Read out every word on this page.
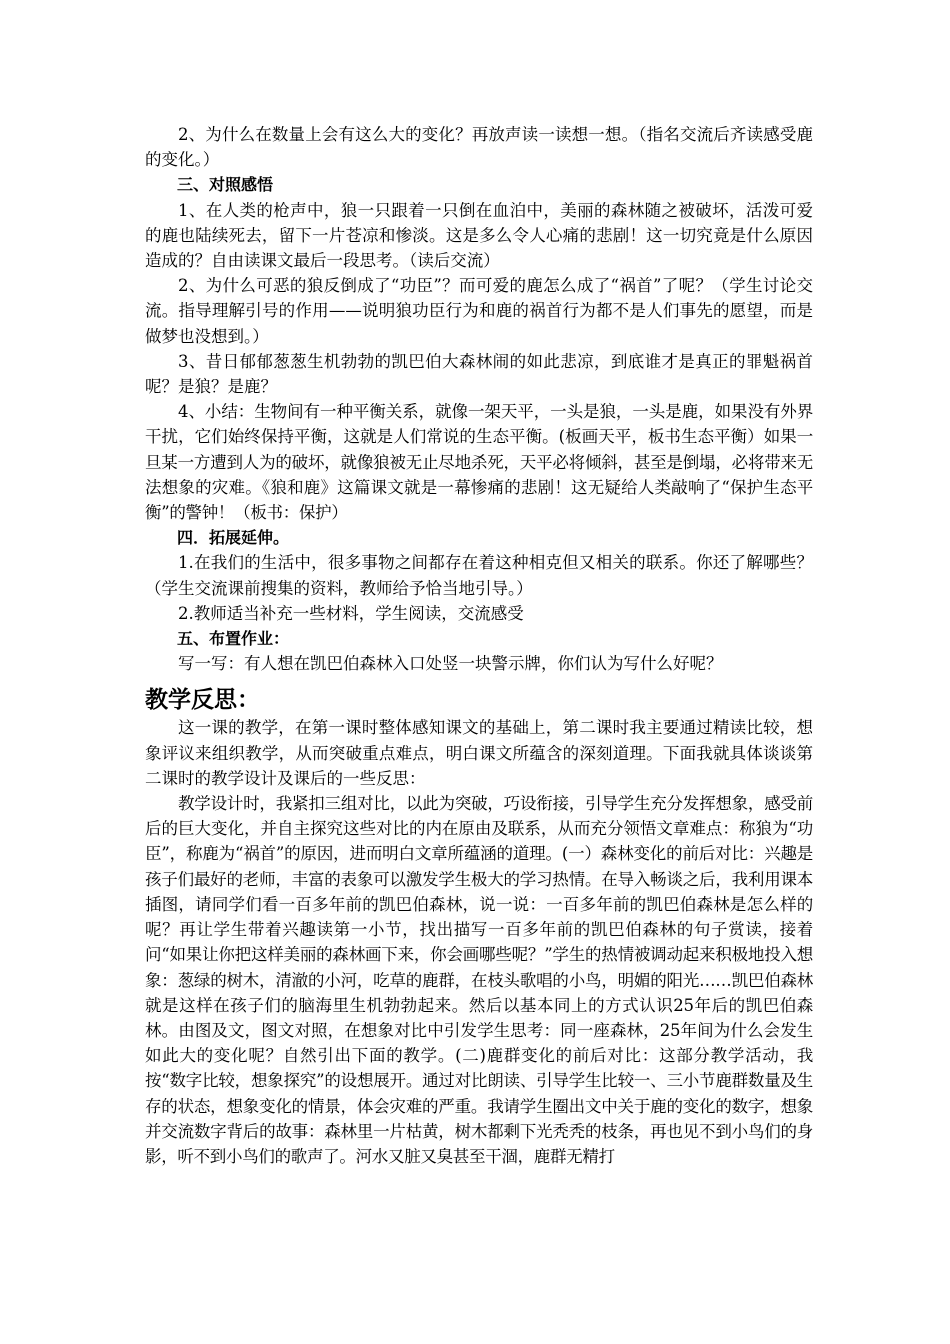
2、为什么在数量上会有这么大的变化？再放声读一读想一想。（指名交流后齐读感受鹿的变化。）

三、对照感悟

1、在人类的枪声中，狼一只跟着一只倒在血泊中，美丽的森林随之被破坏，活泼可爱的鹿也陆续死去，留下一片苍凉和惨淡。这是多么令人心痛的悲剧！这一切究竟是什么原因造成的？自由读课文最后一段思考。（读后交流）

2、为什么可恶的狼反倒成了“功臣”？而可爱的鹿怎么成了“祸首”了呢？（学生讨论交流。指导理解引号的作用——说明狼功臣行为和鹿的祸首行为都不是人们事先的愿望，而是做梦也没想到。）

3、昔日郁郁葱葱生机勃勃的凯巴伯大森林闹的如此悲凉，到底谁才是真正的罪魁祸首呢？是狼？是鹿？

4、小结：生物间有一种平衡关系，就像一架天平，一头是狼，一头是鹿，如果没有外界干扰，它们始终保持平衡，这就是人们常说的生态平衡。(板画天平，板书生态平衡）如果一旦某一方遭到人为的破坏，就像狼被无止尽地杀死，天平必将倾斜，甚至是倒塌，必将带来无法想象的灾难。《狼和鹿》这篇课文就是一幕惨痛的悲剧！这无疑给人类敲响了“保护生态平衡”的警钟！（板书：保护）

四．拓展延伸。

1.在我们的生活中，很多事物之间都存在着这种相克但又相关的联系。你还了解哪些？（学生交流课前搜集的资料，教师给予恰当地引导。）

2.教师适当补充一些材料，学生阅读，交流感受

五、布置作业：

写一写：有人想在凯巴伯森林入口处竖一块警示牌，你们认为写什么好呢？

教学反思：

这一课的教学，在第一课时整体感知课文的基础上，第二课时我主要通过精读比较，想象评议来组织教学，从而突破重点难点，明白课文所蕴含的深刻道理。下面我就具体谈谈第二课时的教学设计及课后的一些反思：

教学设计时，我紧扣三组对比，以此为突破，巧设衔接，引导学生充分发挥想象，感受前后的巨大变化，并自主探究这些对比的内在原由及联系，从而充分领悟文章难点：称狼为“功臣”，称鹿为“祸首”的原因，进而明白文章所蕴涵的道理。(一）森林变化的前后对比：兴趣是孩子们最好的老师，丰富的表象可以激发学生极大的学习热情。在导入畅谈之后，我利用课本插图，请同学们看一百多年前的凯巴伯森林，说一说：一百多年前的凯巴伯森林是怎么样的呢？再让学生带着兴趣读第一小节，找出描写一百多年前的凯巴伯森林的句子赏读，接着问“如果让你把这样美丽的森林画下来，你会画哪些呢？”学生的热情被调动起来积极地投入想象：葱绿的树木，清澈的小河，吃草的鹿群，在枝头歌唱的小鸟，明媚的阳光……凯巴伯森林就是这样在孩子们的脑海里生机勃勃起来。然后以基本同上的方式认识25年后的凯巴伯森林。由图及文，图文对照，在想象对比中引发学生思考：同一座森林，25年间为什么会发生如此大的变化呢？自然引出下面的教学。(二)鹿群变化的前后对比：这部分教学活动，我按“数字比较，想象探究”的设想展开。通过对比朗读、引导学生比较一、三小节鹿群数量及生存的状态，想象变化的情景，体会灾难的严重。我请学生圈出文中关于鹿的变化的数字，想象并交流数字背后的故事：森林里一片枯黄，树木都剩下光秃秃的枝条，再也见不到小鸟们的身影，听不到小鸟们的歌声了。河水又脏又臭甚至干涸，鹿群无精打
